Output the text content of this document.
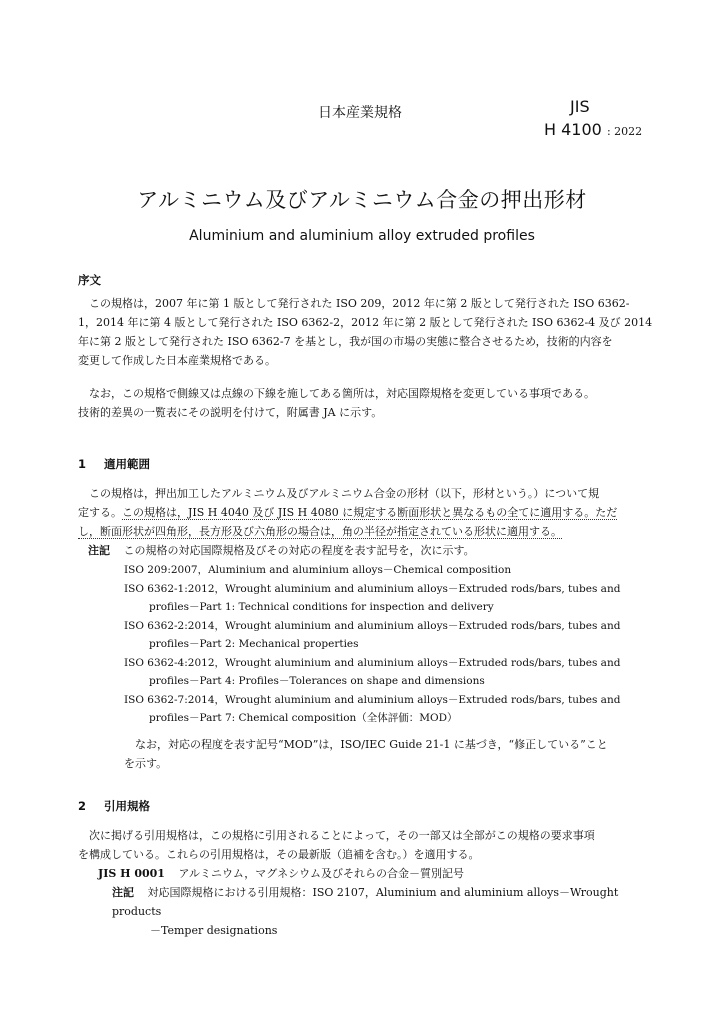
日本産業規格	JIS
H 4100 : 2022
アルミニウム及びアルミニウム合金の押出形材
Aluminium and aluminium alloy extruded profiles
序文
この規格は，2007 年に第 1 版として発行された ISO 209，2012 年に第 2 版として発行された ISO 6362-
1，2014 年に第 4 版として発行された ISO 6362-2，2012 年に第 2 版として発行された ISO 6362-4 及び 2014
年に第 2 版として発行された ISO 6362-7 を基とし，我が国の市場の実態に整合させるため，技術的内容を
変更して作成した日本産業規格である。
なお，この規格で側線又は点線の下線を施してある箇所は，対応国際規格を変更している事項である。
技術的差異の一覧表にその説明を付けて，附属書 JA に示す。
1 適用範囲
この規格は，押出加工したアルミニウム及びアルミニウム合金の形材（以下，形材という。）について規
定する。この規格は，JIS H 4040 及び JIS H 4080 に規定する断面形状と異なるもの全てに適用する。ただ
し，断面形状が四角形，長方形及び六角形の場合は，角の半径が指定されている形状に適用する。
注記 この規格の対応国際規格及びその対応の程度を表す記号を，次に示す。
ISO 209:2007，Aluminium and aluminium alloys－Chemical composition
ISO 6362-1:2012，Wrought aluminium and aluminium alloys－Extruded rods/bars, tubes and profiles－Part 1: Technical conditions for inspection and delivery
ISO 6362-2:2014，Wrought aluminium and aluminium alloys－Extruded rods/bars, tubes and profiles－Part 2: Mechanical properties
ISO 6362-4:2012，Wrought aluminium and aluminium alloys－Extruded rods/bars, tubes and profiles－Part 4: Profiles－Tolerances on shape and dimensions
ISO 6362-7:2014，Wrought aluminium and aluminium alloys－Extruded rods/bars, tubes and profiles－Part 7: Chemical composition（全体評価：MOD）
なお，対応の程度を表す記号“MOD”は，ISO/IEC Guide 21-1 に基づき，“修正している”こと
を示す。
2 引用規格
次に掲げる引用規格は，この規格に引用されることによって，その一部又は全部がこの規格の要求事項
を構成している。これらの引用規格は，その最新版（追補を含む。）を適用する。
JIS H 0001 アルミニウム，マグネシウム及びそれらの合金－質別記号
注記 対応国際規格における引用規格：ISO 2107，Aluminium and aluminium alloys－Wrought products
－Temper designations
